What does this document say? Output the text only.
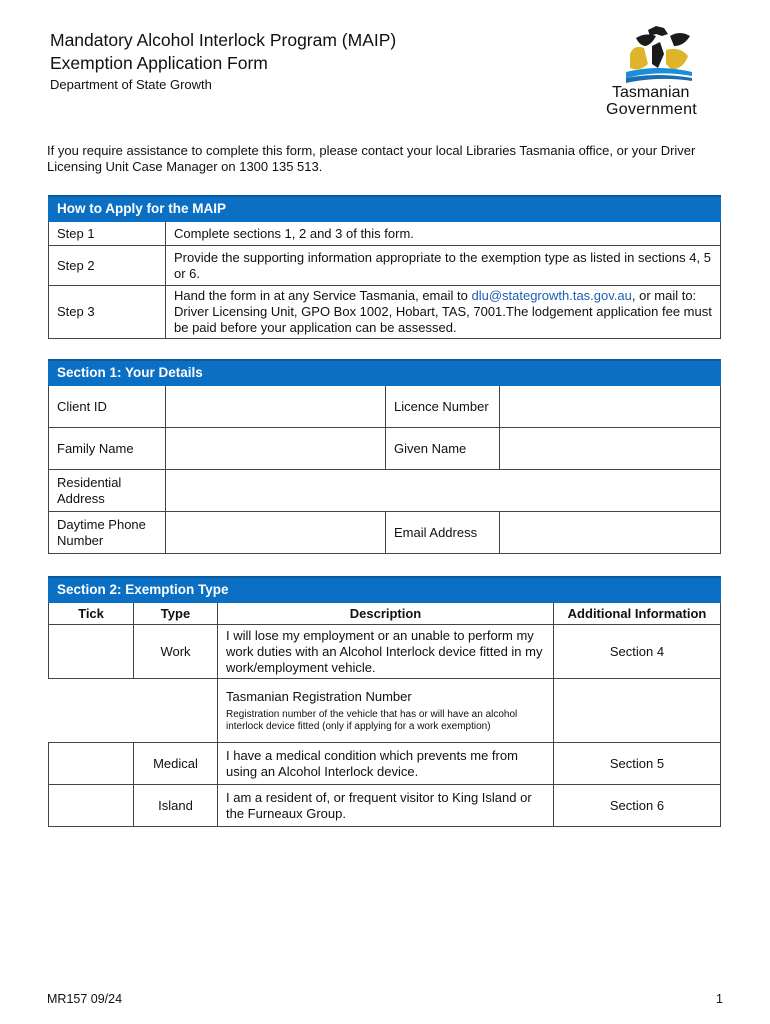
Mandatory Alcohol Interlock Program (MAIP)
Exemption Application Form
Department of State Growth	Tasmanian
Government
If you require assistance to complete this form, please contact your local Libraries Tasmania office, or your Driver Licensing Unit Case Manager on 1300 135 513.
How to Apply for the MAIP	
Step 1	Complete sections 1, 2 and 3 of this form.
Step 2	Provide the supporting information appropriate to the exemption type as listed in sections 4, 5 or 6.
Step 3	Hand the form in at any Service Tasmania, email to dlu@stategrowth.tas.gov.au, or mail to: Driver Licensing Unit, GPO Box 1002, Hobart, TAS, 7001.The lodgement application fee must be paid before your application can be assessed.
Section 1: Your Details			
Client ID		Licence Number	
Family Name		Given Name	
Residential Address			
Daytime Phone Number		Email Address	
Section 2: Exemption Type			
Tick	Type	Description	Additional Information
	Work	I will lose my employment or an unable to perform my work duties with an Alcohol Interlock device fitted in my work/employment vehicle.	Section 4
		Tasmanian Registration Number
Registration number of the vehicle that has or will have an alcohol interlock device fitted (only if applying for a work exemption)	

	Medical	I have a medical condition which prevents me from using an Alcohol Interlock device.	Section 5
	Island	I am a resident of, or frequent visitor to King Island or the Furneaux Group.	Section 6
MR157 09/24	1
